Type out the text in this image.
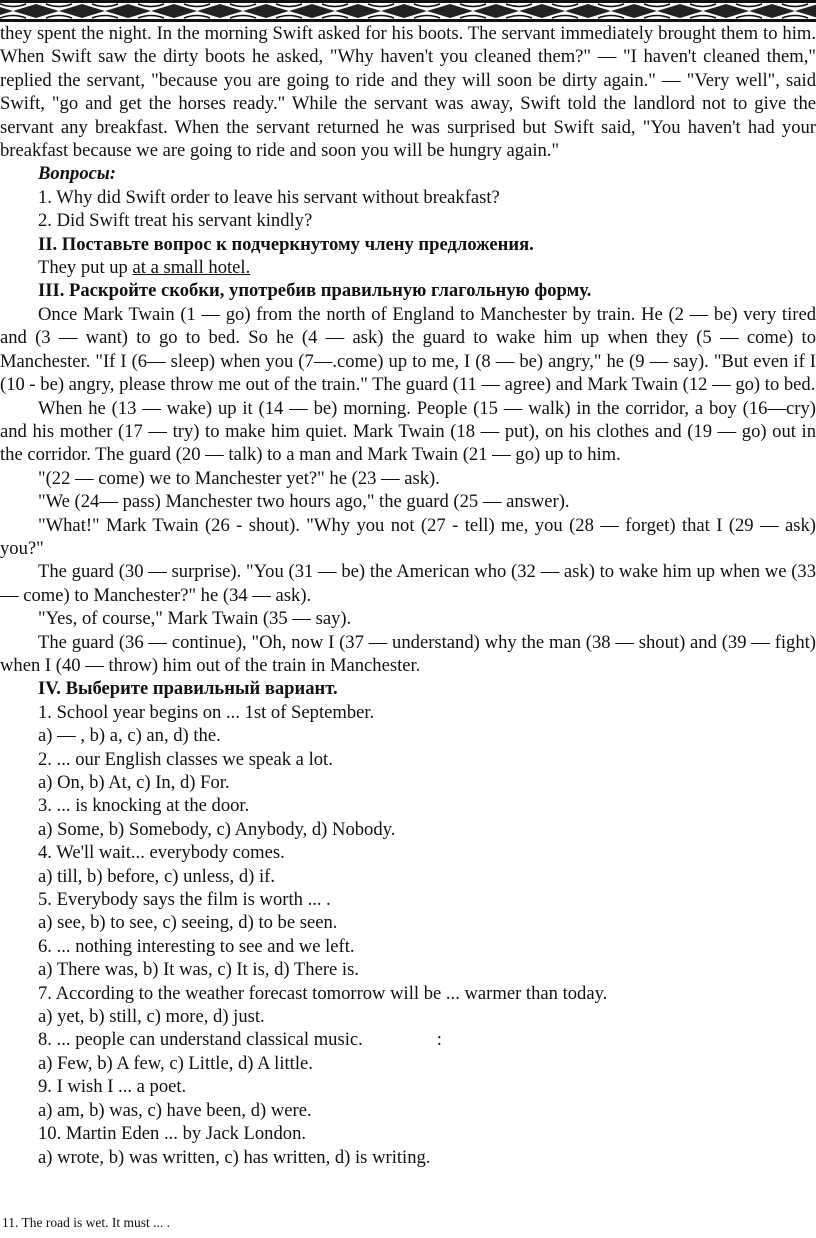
they spent the night. In the morning Swift asked for his boots. The servant immediately brought them to him. When Swift saw the dirty boots he asked, "Why haven't you cleaned them?" — "I haven't cleaned them," replied the servant, "because you are going to ride and they will soon be dirty again." — "Very well", said Swift, "go and get the horses ready." While the servant was away, Swift told the landlord not to give the servant any breakfast. When the servant returned he was surprised but Swift said, "You haven't had your breakfast because we are going to ride and soon you will be hungry again."

Вопросы:

1. Why did Swift order to leave his servant without breakfast?

2. Did Swift treat his servant kindly?

II. Поставьте вопрос к подчеркнутому члену предложения.

They put up at a small hotel.

III. Раскройте скобки, употребив правильную глагольную форму.

Once Mark Twain (1 — go) from the north of England to Manchester by train. He (2 — be) very tired and (3 — want) to go to bed. So he (4 — ask) the guard to wake him up when they (5 — come) to Manchester. "If I (6— sleep) when you (7—.come) up to me, I (8 — be) angry," he (9 — say). "But even if I (10 - be) angry, please throw me out of the train." The guard (11 — agree) and Mark Twain (12 — go) to bed.

When he (13 — wake) up it (14 — be) morning. People (15 — walk) in the corridor, a boy (16—cry) and his mother (17 — try) to make him quiet. Mark Twain (18 — put), on his clothes and (19 — go) out in the corridor. The guard (20 — talk) to a man and Mark Twain (21 — go) up to him.

"(22 — come) we to Manchester yet?" he (23 — ask).

"We (24— pass) Manchester two hours ago," the guard (25 — answer).

"What!" Mark Twain (26 - shout). "Why you not (27 - tell) me, you (28 — forget) that I (29 — ask) you?"

The guard (30 — surprise). "You (31 — be) the American who (32 — ask) to wake him up when we (33 — come) to Manchester?" he (34 — ask).

"Yes, of course," Mark Twain (35 — say).

The guard (36 — continue), "Oh, now I (37 — understand) why the man (38 — shout) and (39 — fight) when I (40 — throw) him out of the train in Manchester.

IV. Выберите правильный вариант.

1. School year begins on ... 1st of September.

a) — , b) a, c) an, d) the.

2. ... our English classes we speak a lot.

a) On, b) At, c) In, d) For.

3. ... is knocking at the door.

a) Some, b) Somebody, c) Anybody, d) Nobody.

4. We'll wait... everybody comes.

a) till, b) before, c) unless, d) if.

5. Everybody says the film is worth ... .

a) see, b) to see, c) seeing, d) to be seen.

6. ... nothing interesting to see and we left.

a) There was, b) It was, c) It is, d) There is.

7. According to the weather forecast tomorrow will be ... warmer than today.

a) yet, b) still, c) more, d) just.

8. ... people can understand classical music.	:

a) Few, b) A few, c) Little, d) A little.

9. I wish I ... a poet.

a) am, b) was, c) have been, d) were.

10. Martin Eden ... by Jack London.

a) wrote, b) was written, c) has written, d) is writing.

11. The road is wet. It must ... .
